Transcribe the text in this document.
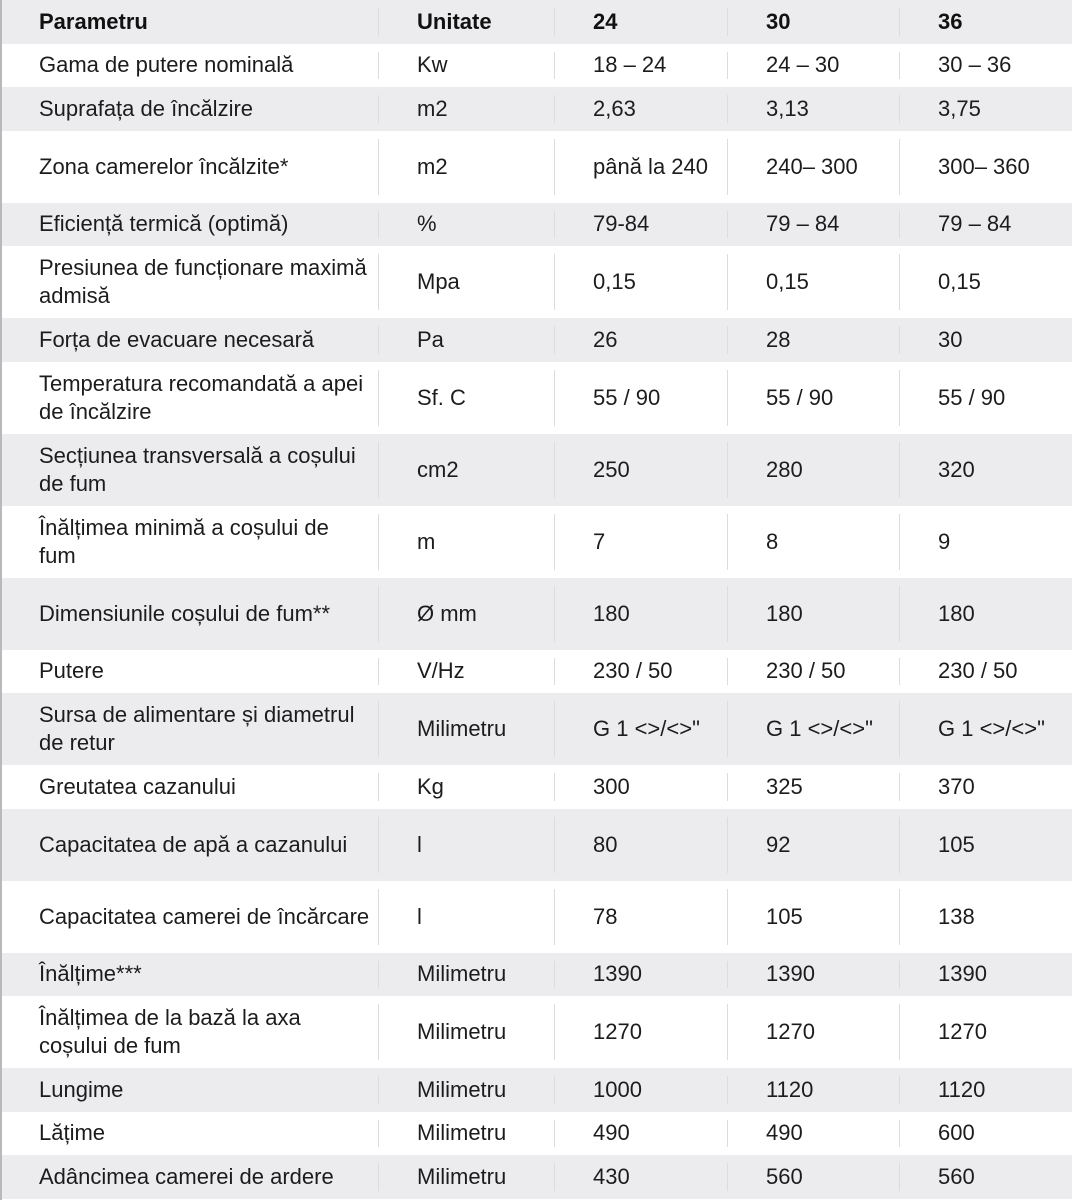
Parametru	Unitate	24	30	36

Gama de putere nominală	Kw	18 – 24	24 – 30	30 – 36

Suprafața de încălzire	m2	2,63	3,13	3,75

Zona camerelor încălzite*	m2	până la 240	240– 300	300– 360

Eficiență termică (optimă)	%	79-84	79 – 84	79 – 84

Presiunea de funcționare maximă admisă	Mpa	0,15	0,15	0,15

Forța de evacuare necesară	Pa	26	28	30

Temperatura recomandată a apei de încălzire	Sf. C	55 / 90	55 / 90	55 / 90

Secțiunea transversală a coșului de fum	cm2	250	280	320

Înălțimea minimă a coșului de fum	m	7	8	9

Dimensiunile coșului de fum**	Ø mm	180	180	180

Putere	V/Hz	230 / 50	230 / 50	230 / 50

Sursa de alimentare și diametrul de retur	Milimetru	G 1 <>/<>"	G 1 <>/<>"	G 1 <>/<>"

Greutatea cazanului	Kg	300	325	370

Capacitatea de apă a cazanului	l	80	92	105

Capacitatea camerei de încărcare	l	78	105	138

Înălțime***	Milimetru	1390	1390	1390

Înălțimea de la bază la axa coșului de fum	Milimetru	1270	1270	1270

Lungime	Milimetru	1000	1120	1120

Lățime	Milimetru	490	490	600

Adâncimea camerei de ardere	Milimetru	430	560	560
